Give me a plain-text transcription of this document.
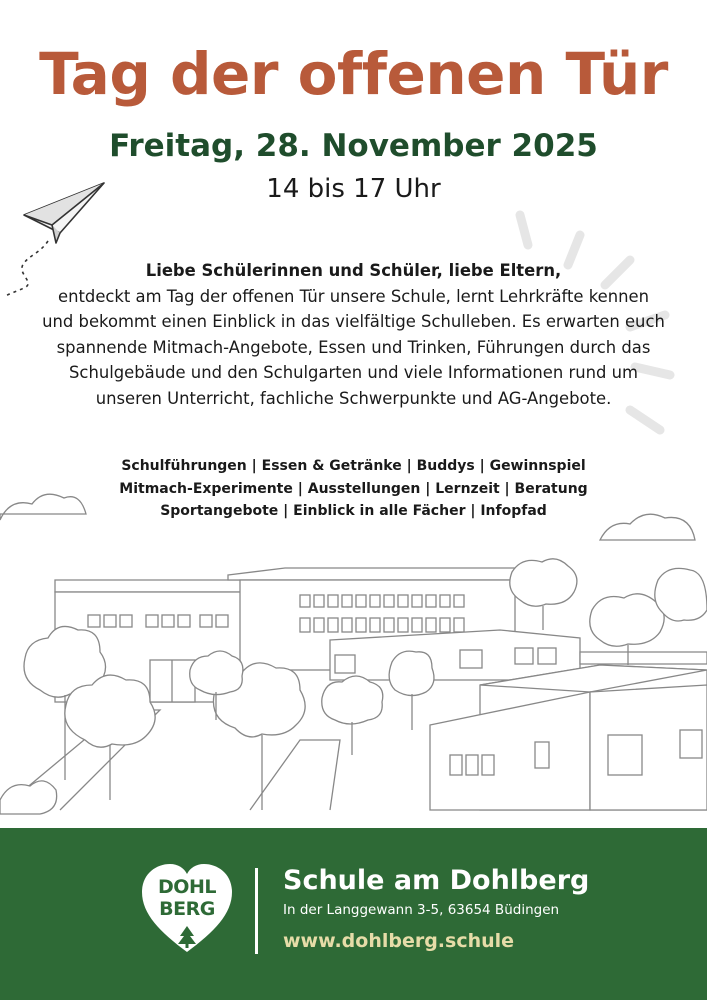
Tag der offenen Tür
Freitag, 28. November 2025
14 bis 17 Uhr
Liebe Schülerinnen und Schüler, liebe Eltern,
entdeckt am Tag der offenen Tür unsere Schule, lernt Lehrkräfte kennen und bekommt einen Einblick in das vielfältige Schulleben. Es erwarten euch spannende Mitmach-Angebote, Essen und Trinken, Führungen durch das Schulgebäude und den Schulgarten und viele Informationen rund um unseren Unterricht, fachliche Schwerpunkte und AG-Angebote.
Schulführungen | Essen & Getränke | Buddys | Gewinnspiel
Mitmach-Experimente | Ausstellungen | Lernzeit | Beratung
Sportangebote | Einblick in alle Fächer | Infopfad
DOHL
BERG
Schule am Dohlberg
In der Langgewann 3-5, 63654 Büdingen
www.dohlberg.schule
